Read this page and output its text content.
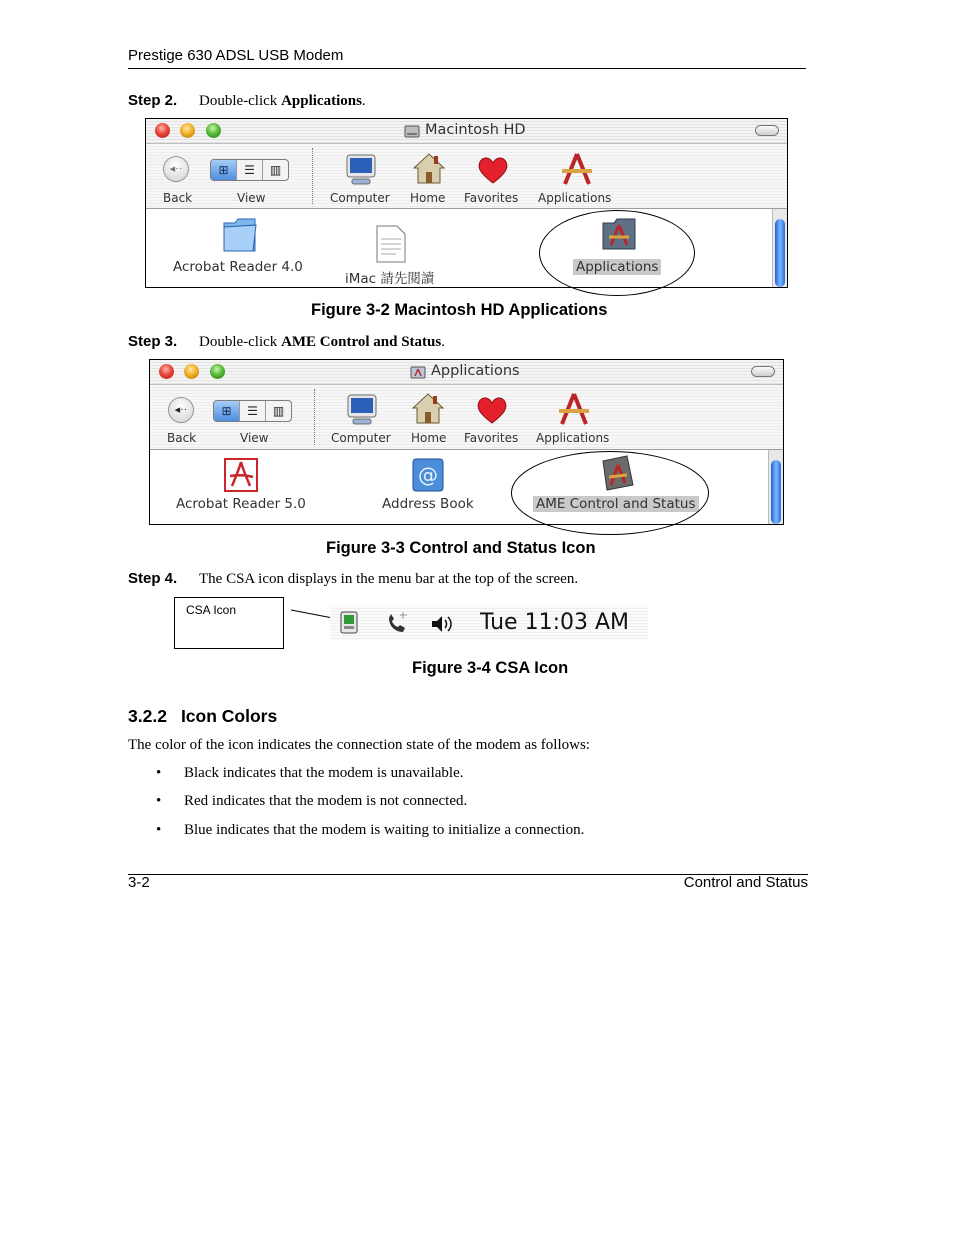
Prestige 630 ADSL USB Modem
Step 2. Double-click Applications.
Macintosh HD
◂··
Back
⊞	☰	▥
View	Computer Home Favorites Applications
Acrobat Reader 4.0
iMac 請先閱讀
Applications
Figure 3-2 Macintosh HD Applications
Step 3. Double-click AME Control and Status.
Applications
◂··
Back
⊞	☰	▥
View	Computer Home Favorites Applications
Acrobat Reader 5.0
@
Address Book	AME Control and Status
Figure 3-3 Control and Status Icon
Step 4. The CSA icon displays in the menu bar at the top of the screen.
CSA Icon	Tue 11:03 AM
Figure 3-4 CSA Icon
3.2.2 Icon Colors
The color of the icon indicates the connection state of the modem as follows:
• Black indicates that the modem is unavailable.
• Red indicates that the modem is not connected.
• Blue indicates that the modem is waiting to initialize a connection.
3-2	Control and Status
